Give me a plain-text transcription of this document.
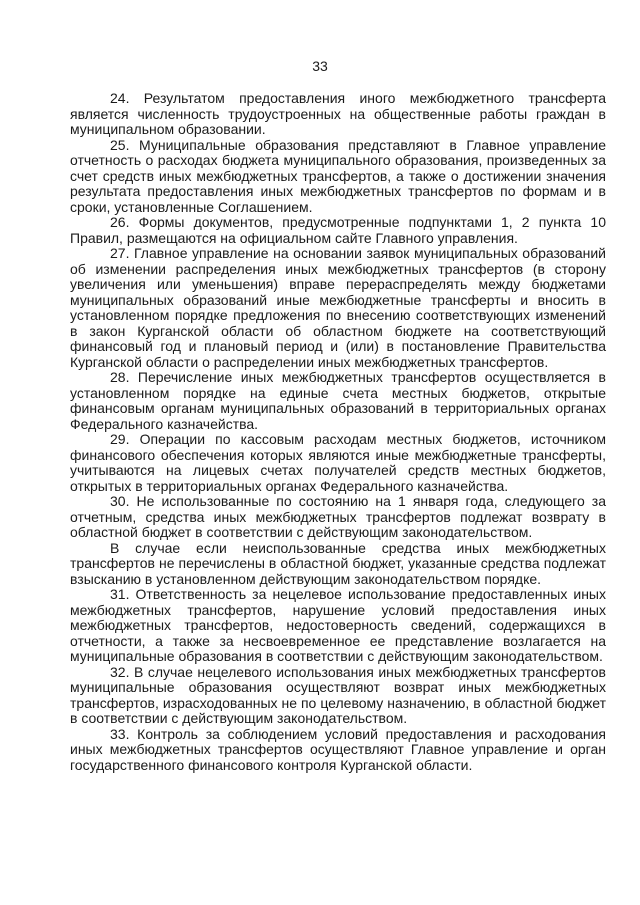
33

24. Результатом предоставления иного межбюджетного трансферта является численность трудоустроенных на общественные работы граждан в муниципальном образовании.

25. Муниципальные образования представляют в Главное управление отчетность о расходах бюджета муниципального образования, произведенных за счет средств иных межбюджетных трансфертов, а также о достижении значения результата предоставления иных межбюджетных трансфертов по формам и в сроки, установленные Соглашением.

26. Формы документов, предусмотренные подпунктами 1, 2 пункта 10 Правил, размещаются на официальном сайте Главного управления.

27. Главное управление на основании заявок муниципальных образований об изменении распределения иных межбюджетных трансфертов (в сторону увеличения или уменьшения) вправе перераспределять между бюджетами муниципальных образований иные межбюджетные трансферты и вносить в установленном порядке предложения по внесению соответствующих изменений в закон Курганской области об областном бюджете на соответствующий финансовый год и плановый период и (или) в постановление Правительства Курганской области о распределении иных межбюджетных трансфертов.

28. Перечисление иных межбюджетных трансфертов осуществляется в установленном порядке на единые счета местных бюджетов, открытые финансовым органам муниципальных образований в территориальных органах Федерального казначейства.

29. Операции по кассовым расходам местных бюджетов, источником финансового обеспечения которых являются иные межбюджетные трансферты, учитываются на лицевых счетах получателей средств местных бюджетов, открытых в территориальных органах Федерального казначейства.

30. Не использованные по состоянию на 1 января года, следующего за отчетным, средства иных межбюджетных трансфертов подлежат возврату в областной бюджет в соответствии с действующим законодательством.

В случае если неиспользованные средства иных межбюджетных трансфертов не перечислены в областной бюджет, указанные средства подлежат взысканию в установленном действующим законодательством порядке.

31. Ответственность за нецелевое использование предоставленных иных межбюджетных трансфертов, нарушение условий предоставления иных межбюджетных трансфертов, недостоверность сведений, содержащихся в отчетности, а также за несвоевременное ее представление возлагается на муниципальные образования в соответствии с действующим законодательством.

32. В случае нецелевого использования иных межбюджетных трансфертов муниципальные образования осуществляют возврат иных межбюджетных трансфертов, израсходованных не по целевому назначению, в областной бюджет в соответствии с действующим законодательством.

33. Контроль за соблюдением условий предоставления и расходования иных межбюджетных трансфертов осуществляют Главное управление и орган государственного финансового контроля Курганской области.
